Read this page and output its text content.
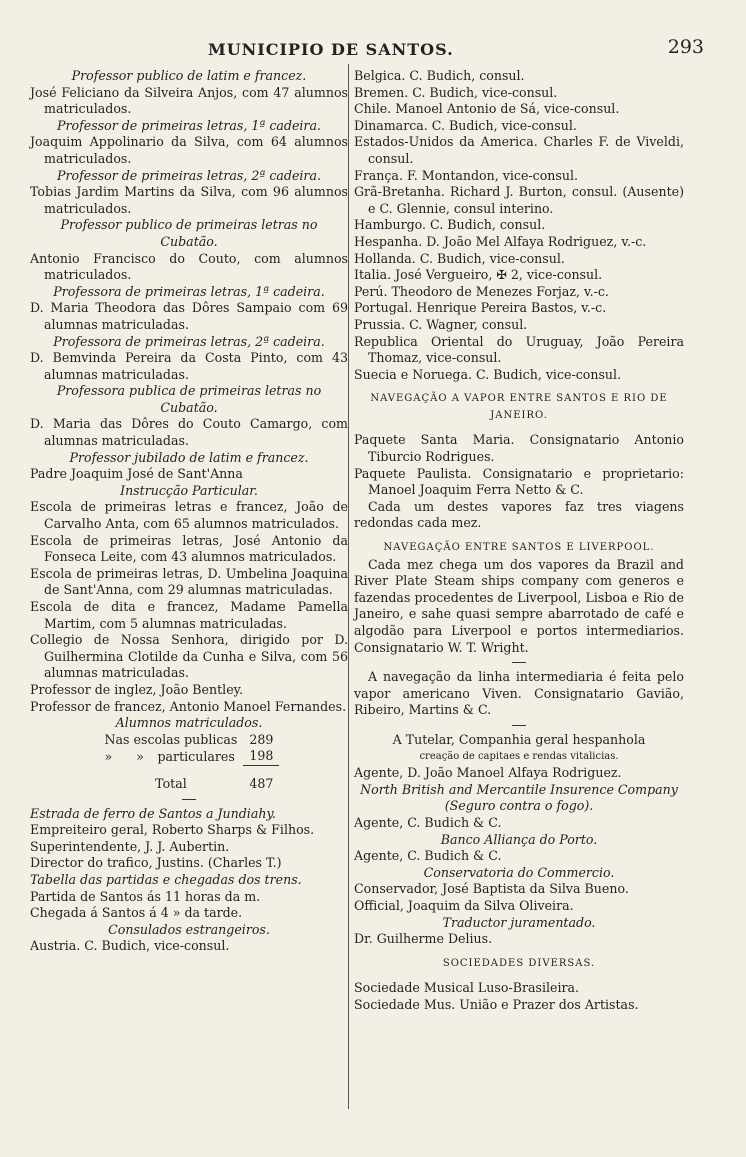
MUNICIPIO DE SANTOS.	293

Professor publico de latim e francez.

José Feliciano da Silveira Anjos, com 47 alumnos matriculados.

Professor de primeiras letras, 1ª cadeira.

Joaquim Appolinario da Silva, com 64 alumnos matriculados.

Professor de primeiras letras, 2ª cadeira.

Tobias Jardim Martins da Silva, com 96 alumnos matriculados.

Professor publico de primeiras letras no Cubatão.

Antonio Francisco do Couto, com alumnos matriculados.

Professora de primeiras letras, 1ª cadeira.

D. Maria Theodora das Dôres Sampaio com 69 alumnas matriculadas.

Professora de primeiras letras, 2ª cadeira.

D. Bemvinda Pereira da Costa Pinto, com 43 alumnas matriculadas.

Professora publica de primeiras letras no Cubatão.

D. Maria das Dôres do Couto Camargo, com alumnas matriculadas.

Professor jubilado de latim e francez.

Padre Joaquim José de Sant'Anna

Instrucção Particular.

Escola de primeiras letras e francez, João de Carvalho Anta, com 65 alumnos matriculados.

Escola de primeiras letras, José Antonio da Fonseca Leite, com 43 alumnos matriculados.

Escola de primeiras letras, D. Umbelina Joaquina de Sant'Anna, com 29 alumnas matriculadas.

Escola de dita e francez, Madame Pamella Martim, com 5 alumnas matriculadas.

Collegio de Nossa Senhora, dirigido por D. Guilhermina Clotilde da Cunha e Silva, com 56 alumnas matriculadas.

Professor de inglez, João Bentley.

Professor de francez, Antonio Manoel Fernandes.

Alumnos matriculados.

Nas escolas publicas		289
» »	particulares	198
Total		487

Estrada de ferro de Santos a Jundiahy.

Empreiteiro geral, Roberto Sharps & Filhos.

Superintendente, J. J. Aubertin.

Director do trafico, Justins. (Charles T.)

Tabella das partidas e chegadas dos trens.

Partida de Santos ás 11 horas da m.

Chegada á Santos á 4 » da tarde.

Consulados estrangeiros.

Austria. C. Budich, vice-consul.

Belgica. C. Budich, consul.

Bremen. C. Budich, vice-consul.

Chile. Manoel Antonio de Sá, vice-consul.

Dinamarca. C. Budich, vice-consul.

Estados-Unidos da America. Charles F. de Viveldi, consul.

França. F. Montandon, vice-consul.

Grã-Bretanha. Richard J. Burton, consul. (Ausente) e C. Glennie, consul interino.

Hamburgo. C. Budich, consul.

Hespanha. D. João Mel Alfaya Rodriguez, v.-c.

Hollanda. C. Budich, vice-consul.

Italia. José Vergueiro, ✠ 2, vice-consul.

Perú. Theodoro de Menezes Forjaz, v.-c.

Portugal. Henrique Pereira Bastos, v.-c.

Prussia. C. Wagner, consul.

Republica Oriental do Uruguay, João Pereira Thomaz, vice-consul.

Suecia e Noruega. C. Budich, vice-consul.

NAVEGAÇÃO A VAPOR ENTRE SANTOS E RIO DE JANEIRO.

Paquete Santa Maria. Consignatario Antonio Tiburcio Rodrigues.

Paquete Paulista. Consignatario e proprietario: Manoel Joaquim Ferra Netto & C.

Cada um destes vapores faz tres viagens redondas cada mez.

NAVEGAÇÃO ENTRE SANTOS E LIVERPOOL.

Cada mez chega um dos vapores da Brazil and River Plate Steam ships company com generos e fazendas procedentes de Liverpool, Lisboa e Rio de Janeiro, e sahe quasi sempre abarrotado de café e algodão para Liverpool e portos intermediarios. Consignatario W. T. Wright.

A navegação da linha intermediaria é feita pelo vapor americano Viven. Consignatario Gavião, Ribeiro, Martins & C.

A Tutelar, Companhia geral hespanhola

creação de capitaes e rendas vitalicias.

Agente, D. João Manoel Alfaya Rodriguez.

North British and Mercantile Insurence Company (Seguro contra o fogo).

Agente, C. Budich & C.

Banco Alliança do Porto.

Agente, C. Budich & C.

Conservatoria do Commercio.

Conservador, José Baptista da Silva Bueno.

Official, Joaquim da Silva Oliveira.

Traductor juramentado.

Dr. Guilherme Delius.

SOCIEDADES DIVERSAS.

Sociedade Musical Luso-Brasileira.

Sociedade Mus. União e Prazer dos Artistas.
